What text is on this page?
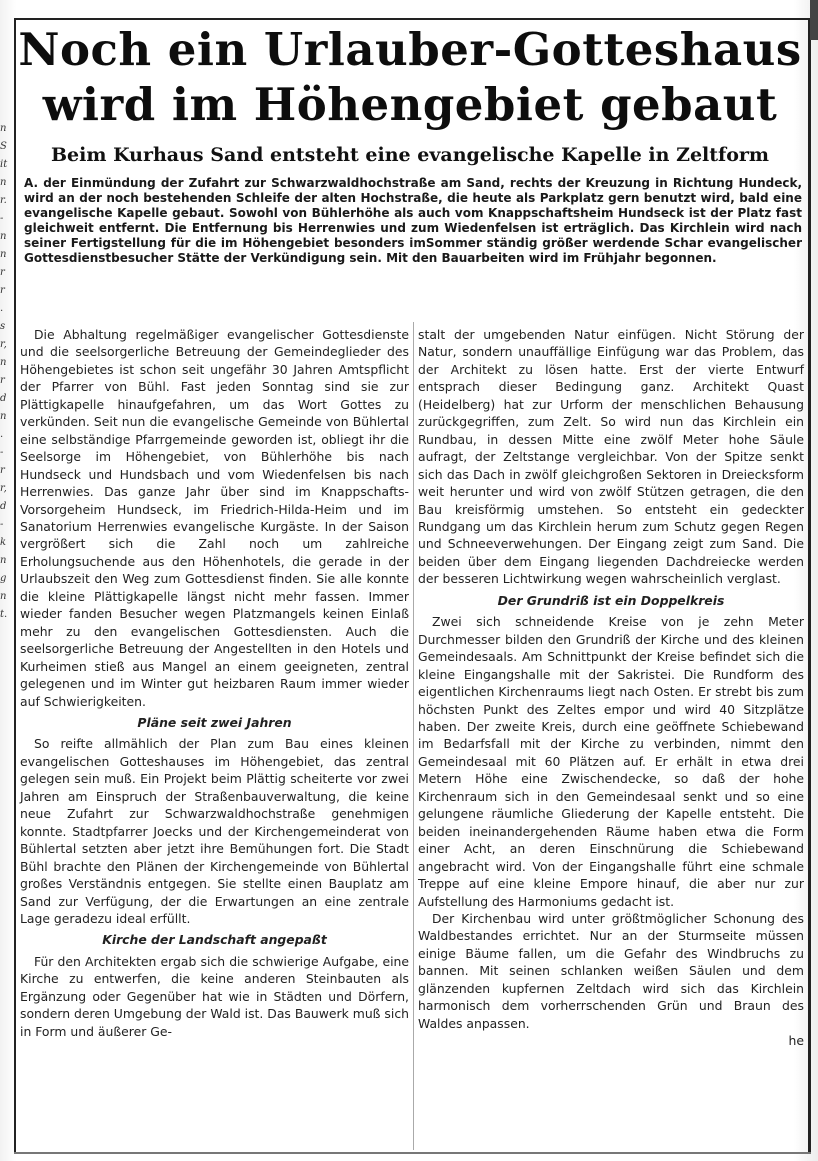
n
S
it
n
r.
-
n
n
r
r
.
s
r,
n
r
d
n
.
-
r
r,
d
-
k
n
g
n
t.
Noch ein Urlauber-Gotteshaus
wird im Höhengebiet gebaut
Beim Kurhaus Sand entsteht eine evangelische Kapelle in Zeltform
A. der Einmündung der Zufahrt zur Schwarzwaldhochstraße am Sand, rechts der Kreuzung in Richtung Hundeck, wird an der noch bestehenden Schleife der alten Hochstraße, die heute als Parkplatz gern benutzt wird, bald eine evangelische Kapelle gebaut. Sowohl von Bühlerhöhe als auch vom Knappschaftsheim Hundseck ist der Platz fast gleichweit entfernt. Die Entfernung bis Herrenwies und zum Wiedenfelsen ist erträglich. Das Kirchlein wird nach seiner Fertigstellung für die im Höhengebiet besonders imSommer ständig größer werdende Schar evangelischer Gottesdienstbesucher Stätte der Verkündigung sein. Mit den Bauarbeiten wird im Frühjahr begonnen.

Die Abhaltung regelmäßiger evangelischer Gottesdienste und die seelsorgerliche Betreuung der Gemeindeglieder des Höhengebietes ist schon seit ungefähr 30 Jahren Amtspflicht der Pfarrer von Bühl. Fast jeden Sonntag sind sie zur Plättigkapelle hinaufgefahren, um das Wort Gottes zu verkünden. Seit nun die evangelische Gemeinde von Bühlertal eine selbständige Pfarrgemeinde geworden ist, obliegt ihr die Seelsorge im Höhengebiet, von Bühlerhöhe bis nach Hundseck und Hundsbach und vom Wiedenfelsen bis nach Herrenwies. Das ganze Jahr über sind im Knappschafts-Vorsorgeheim Hundseck, im Friedrich-Hilda-Heim und im Sanatorium Herrenwies evangelische Kurgäste. In der Saison vergrößert sich die Zahl noch um zahlreiche Erholungsuchende aus den Höhenhotels, die gerade in der Urlaubszeit den Weg zum Gottesdienst finden. Sie alle konnte die kleine Plättigkapelle längst nicht mehr fassen. Immer wieder fanden Besucher wegen Platzmangels keinen Einlaß mehr zu den evangelischen Gottesdiensten. Auch die seelsorgerliche Betreuung der Angestellten in den Hotels und Kurheimen stieß aus Mangel an einem geeigneten, zentral gelegenen und im Winter gut heizbaren Raum immer wieder auf Schwierigkeiten.

Pläne seit zwei Jahren

So reifte allmählich der Plan zum Bau eines kleinen evangelischen Gotteshauses im Höhengebiet, das zentral gelegen sein muß. Ein Projekt beim Plättig scheiterte vor zwei Jahren am Einspruch der Straßenbauverwaltung, die keine neue Zufahrt zur Schwarzwaldhochstraße genehmigen konnte. Stadtpfarrer Joecks und der Kirchengemeinderat von Bühlertal setzten aber jetzt ihre Bemühungen fort. Die Stadt Bühl brachte den Plänen der Kirchengemeinde von Bühlertal großes Verständnis entgegen. Sie stellte einen Bauplatz am Sand zur Verfügung, der die Erwartungen an eine zentrale Lage geradezu ideal erfüllt.

Kirche der Landschaft angepaßt

Für den Architekten ergab sich die schwierige Aufgabe, eine Kirche zu entwerfen, die keine anderen Steinbauten als Ergänzung oder Gegenüber hat wie in Städten und Dörfern, sondern deren Umgebung der Wald ist. Das Bauwerk muß sich in Form und äußerer Ge-

stalt der umgebenden Natur einfügen. Nicht Störung der Natur, sondern unauffällige Einfügung war das Problem, das der Architekt zu lösen hatte. Erst der vierte Entwurf entsprach dieser Bedingung ganz. Architekt Quast (Heidelberg) hat zur Urform der menschlichen Behausung zurückgegriffen, zum Zelt. So wird nun das Kirchlein ein Rundbau, in dessen Mitte eine zwölf Meter hohe Säule aufragt, der Zeltstange vergleichbar. Von der Spitze senkt sich das Dach in zwölf gleichgroßen Sektoren in Dreiecksform weit herunter und wird von zwölf Stützen getragen, die den Bau kreisförmig umstehen. So entsteht ein gedeckter Rundgang um das Kirchlein herum zum Schutz gegen Regen und Schneeverwehungen. Der Eingang zeigt zum Sand. Die beiden über dem Eingang liegenden Dachdreiecke werden der besseren Lichtwirkung wegen wahrscheinlich verglast.

Der Grundriß ist ein Doppelkreis

Zwei sich schneidende Kreise von je zehn Meter Durchmesser bilden den Grundriß der Kirche und des kleinen Gemeindesaals. Am Schnittpunkt der Kreise befindet sich die kleine Eingangshalle mit der Sakristei. Die Rundform des eigentlichen Kirchenraums liegt nach Osten. Er strebt bis zum höchsten Punkt des Zeltes empor und wird 40 Sitzplätze haben. Der zweite Kreis, durch eine geöffnete Schiebewand im Bedarfsfall mit der Kirche zu verbinden, nimmt den Gemeindesaal mit 60 Plätzen auf. Er erhält in etwa drei Metern Höhe eine Zwischendecke, so daß der hohe Kirchenraum sich in den Gemeindesaal senkt und so eine gelungene räumliche Gliederung der Kapelle entsteht. Die beiden ineinandergehenden Räume haben etwa die Form einer Acht, an deren Einschnürung die Schiebewand angebracht wird. Von der Eingangshalle führt eine schmale Treppe auf eine kleine Empore hinauf, die aber nur zur Aufstellung des Harmoniums gedacht ist.

Der Kirchenbau wird unter größtmöglicher Schonung des Waldbestandes errichtet. Nur an der Sturmseite müssen einige Bäume fallen, um die Gefahr des Windbruchs zu bannen. Mit seinen schlanken weißen Säulen und dem glänzenden kupfernen Zeltdach wird sich das Kirchlein harmonisch dem vorherrschenden Grün und Braun des Waldes anpassen.

he
